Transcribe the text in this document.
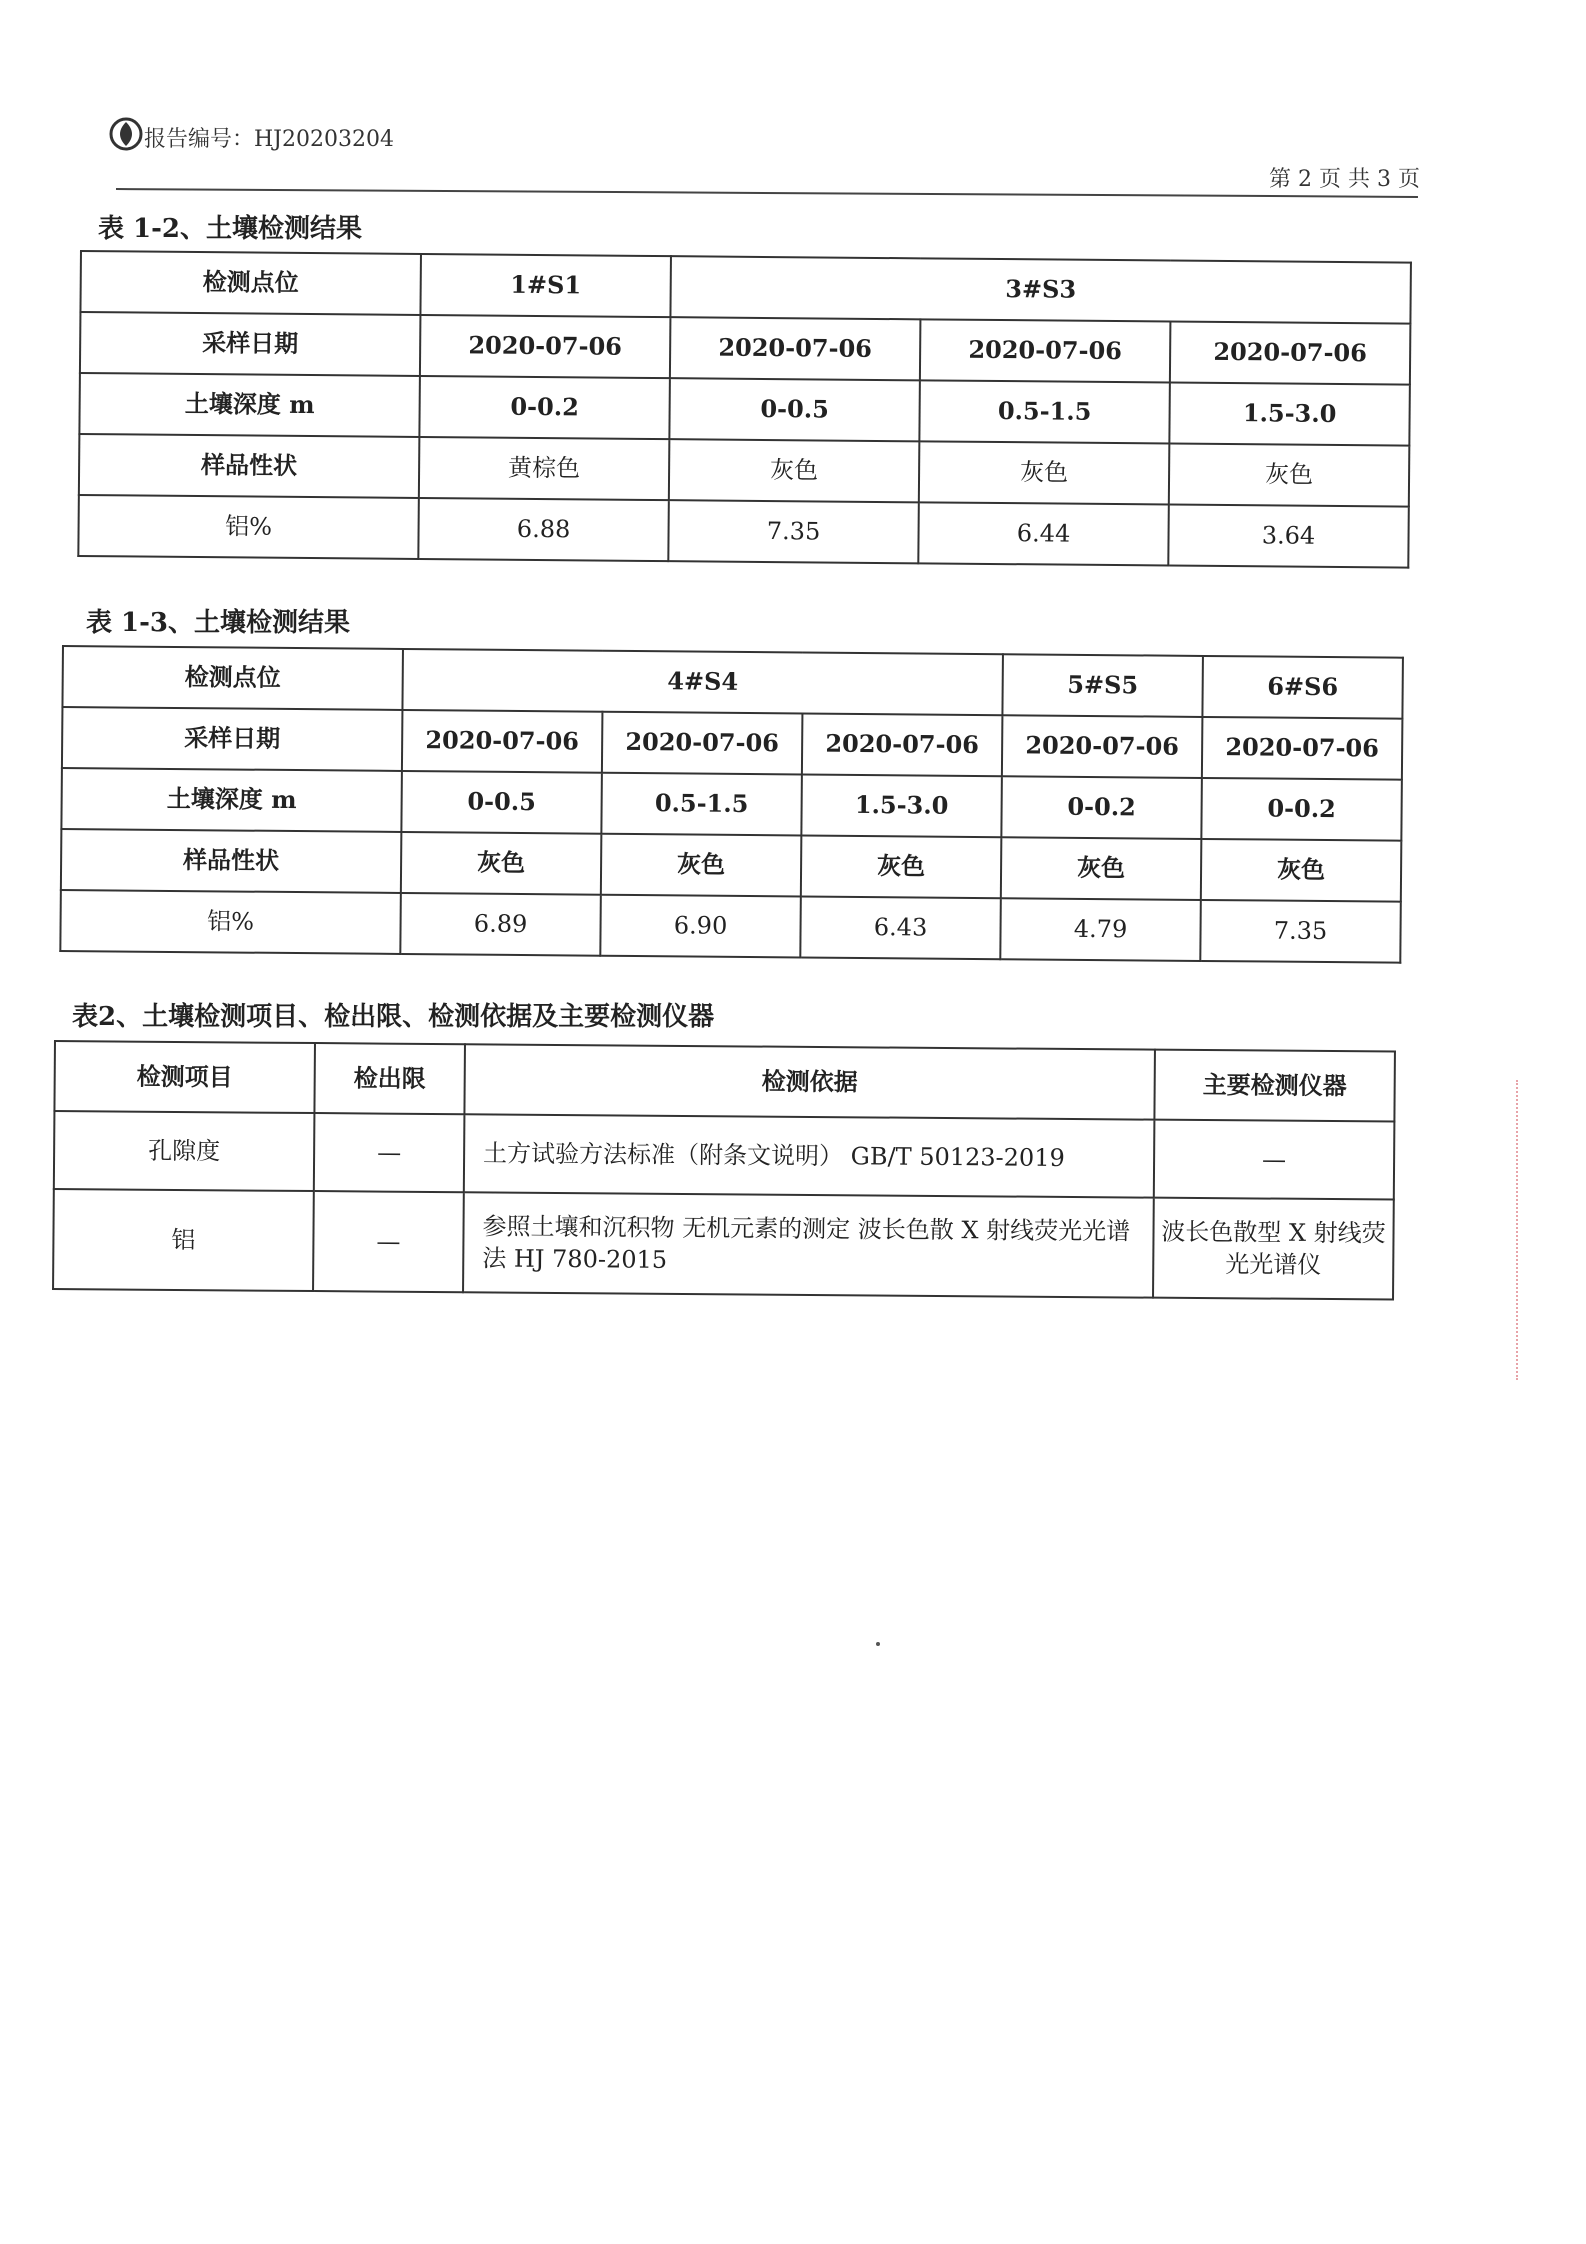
报告编号：HJ20203204
第 2 页 共 3 页
表 1-2、土壤检测结果
检测点位	1#S1	3#S3		
采样日期	2020-07-06	2020-07-06	2020-07-06	2020-07-06
土壤深度 m	0-0.2	0-0.5	0.5-1.5	1.5-3.0
样品性状	黄棕色	灰色	灰色	灰色
铝%	6.88	7.35	6.44	3.64
表 1-3、土壤检测结果
检测点位	4#S4			5#S5	6#S6
采样日期	2020-07-06	2020-07-06	2020-07-06	2020-07-06	2020-07-06
土壤深度 m	0-0.5	0.5-1.5	1.5-3.0	0-0.2	0-0.2
样品性状	灰色	灰色	灰色	灰色	灰色
铝%	6.89	6.90	6.43	4.79	7.35
表2、土壤检测项目、检出限、检测依据及主要检测仪器
检测项目	检出限	检测依据	主要检测仪器
孔隙度	—	土方试验方法标准（附条文说明） GB/T 50123-2019	—
铝	—	参照土壤和沉积物 无机元素的测定 波长色散 X 射线荧光光谱法 HJ 780-2015	波长色散型 X 射线荧光光谱仪
